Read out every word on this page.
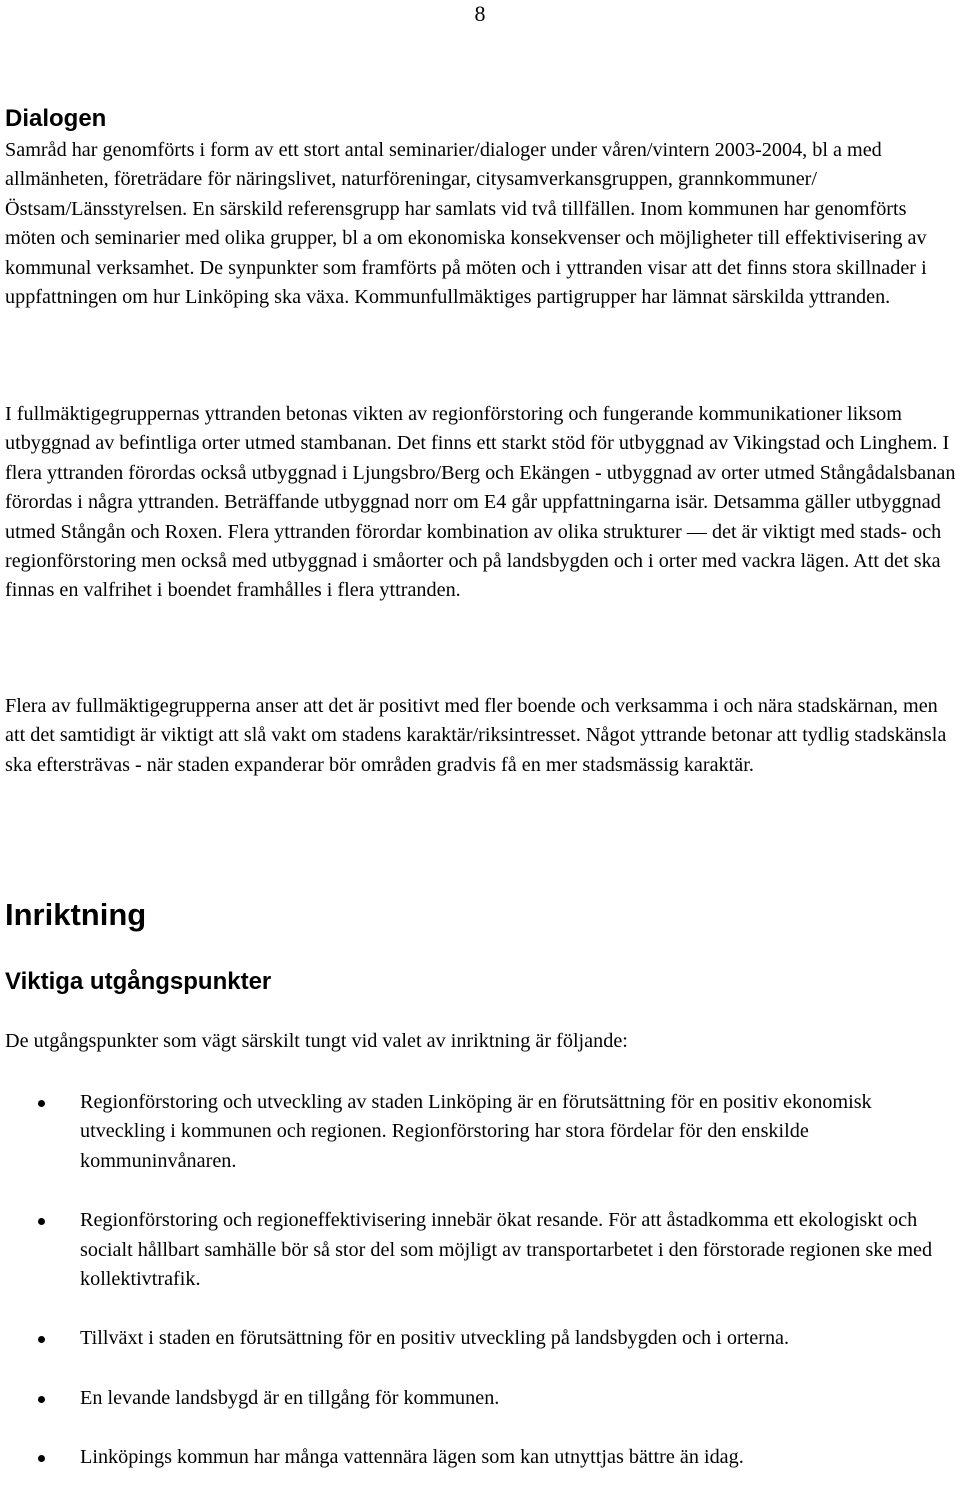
8
Dialogen

Samråd har genomförts i form av ett stort antal seminarier/dialoger under våren/vintern 2003-2004, bl a med allmänheten, företrädare för näringslivet, naturföreningar, citysamverkansgruppen, grannkommuner/Östsam/Länsstyrelsen. En särskild referensgrupp har samlats vid två tillfällen. Inom kommunen har genomförts möten och seminarier med olika grupper, bl a om ekonomiska konsekvenser och möjligheter till effektivisering av kommunal verksamhet. De synpunkter som framförts på möten och i yttranden visar att det finns stora skillnader i uppfattningen om hur Linköping ska växa. Kommunfullmäktiges partigrupper har lämnat särskilda yttranden.

I fullmäktigegruppernas yttranden betonas vikten av regionförstoring och fungerande kommunikationer liksom utbyggnad av befintliga orter utmed stambanan. Det finns ett starkt stöd för utbyggnad av Vikingstad och Linghem. I flera yttranden förordas också utbyggnad i Ljungsbro/Berg och Ekängen - utbyggnad av orter utmed Stångådalsbanan förordas i några yttranden. Beträffande utbyggnad norr om E4 går uppfattningarna isär. Detsamma gäller utbyggnad utmed Stångån och Roxen. Flera yttranden förordar kombination av olika strukturer — det är viktigt med stads- och regionförstoring men också med utbyggnad i småorter och på landsbygden och i orter med vackra lägen. Att det ska finnas en valfrihet i boendet framhålles i flera yttranden.

Flera av fullmäktigegrupperna anser att det är positivt med fler boende och verksamma i och nära stadskärnan, men att det samtidigt är viktigt att slå vakt om stadens karaktär/riksintresset. Något yttrande betonar att tydlig stadskänsla ska eftersträvas - när staden expanderar bör områden gradvis få en mer stadsmässig karaktär.

Inriktning
Viktiga utgångspunkter

De utgångspunkter som vägt särskilt tungt vid valet av inriktning är följande:

Regionförstoring och utveckling av staden Linköping är en förutsättning för en positiv ekonomisk utveckling i kommunen och regionen. Regionförstoring har stora fördelar för den enskilde kommuninvånaren.
Regionförstoring och regioneffektivisering innebär ökat resande. För att åstadkomma ett ekologiskt och socialt hållbart samhälle bör så stor del som möjligt av transportarbetet i den förstorade regionen ske med kollektivtrafik.
Tillväxt i staden en förutsättning för en positiv utveckling på landsbygden och i orterna.
En levande landsbygd är en tillgång för kommunen.
Linköpings kommun har många vattennära lägen som kan utnyttjas bättre än idag.
